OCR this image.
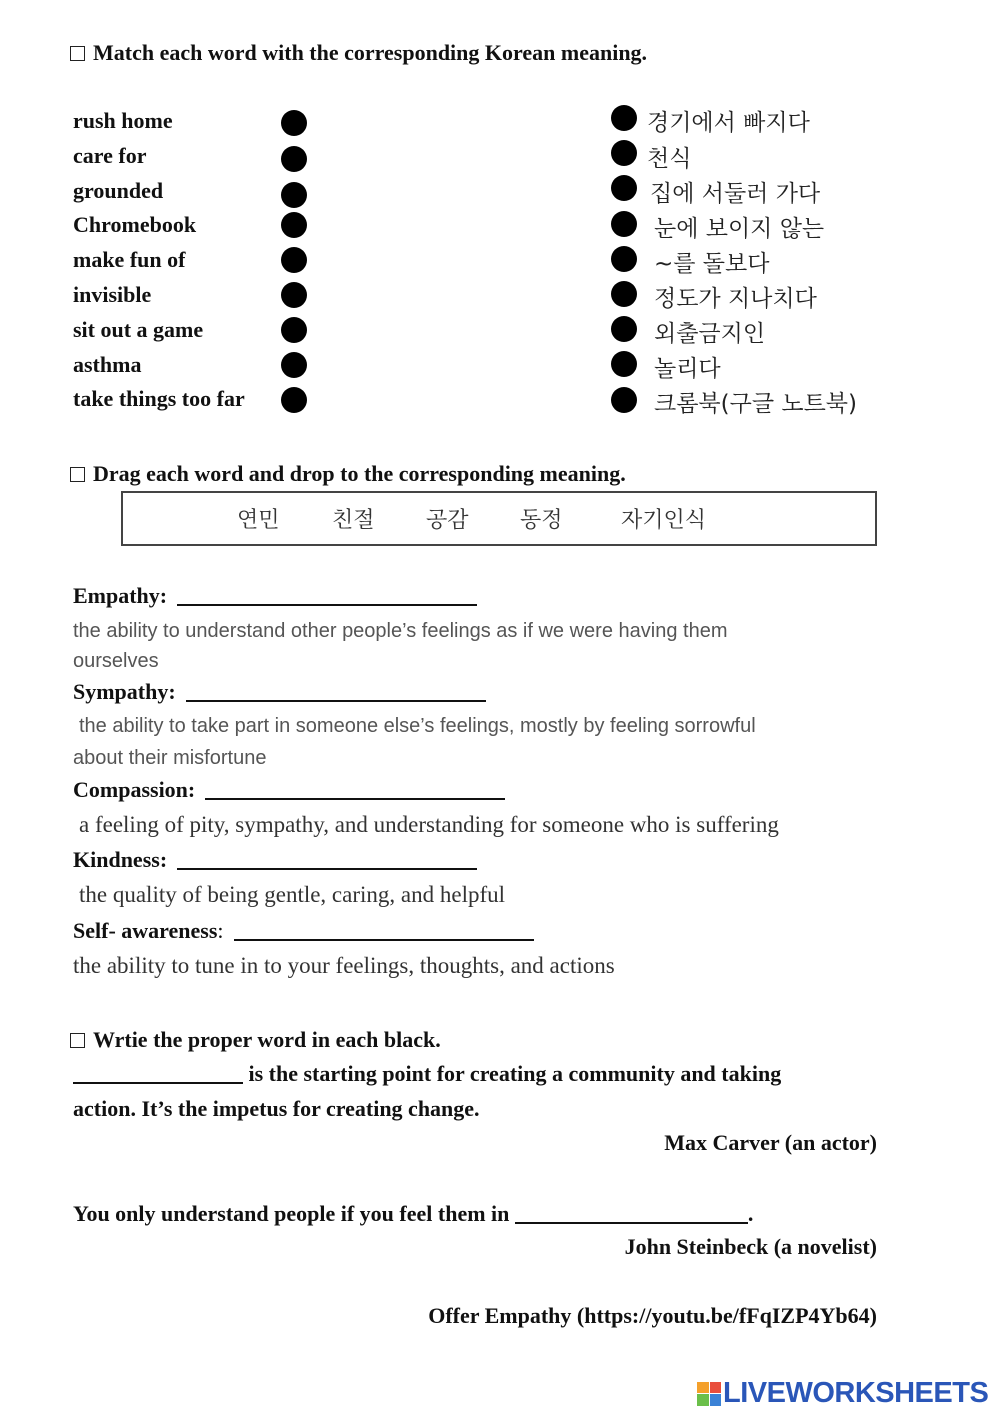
Match each word with the corresponding Korean meaning.
rush home
care for
grounded
Chromebook
make fun of
invisible
sit out a game
asthma
take things too far
경기에서 빠지다
천식
집에 서둘러 가다
눈에 보이지 않는
~를 돌보다
정도가 지나치다
외출금지인
놀리다
크롬북(구글 노트북)
Drag each word and drop to the corresponding meaning.
연민 친절 공감 동정	자기인식
Empathy:
the ability to understand other people’s feelings as if we were having them
ourselves
Sympathy:
the ability to take part in someone else’s feelings, mostly by feeling sorrowful
about their misfortune
Compassion:
a feeling of pity, sympathy, and understanding for someone who is suffering
Kindness:
the quality of being gentle, caring, and helpful
Self- awareness:
the ability to tune in to your feelings, thoughts, and actions
Wrtie the proper word in each black.
is the starting point for creating a community and taking
action. It’s the impetus for creating change.
Max Carver (an actor)
You only understand people if you feel them in	.
John Steinbeck (a novelist)
Offer Empathy (https://youtu.be/fFqIZP4Yb64)
LIVEWORKSHEETS
